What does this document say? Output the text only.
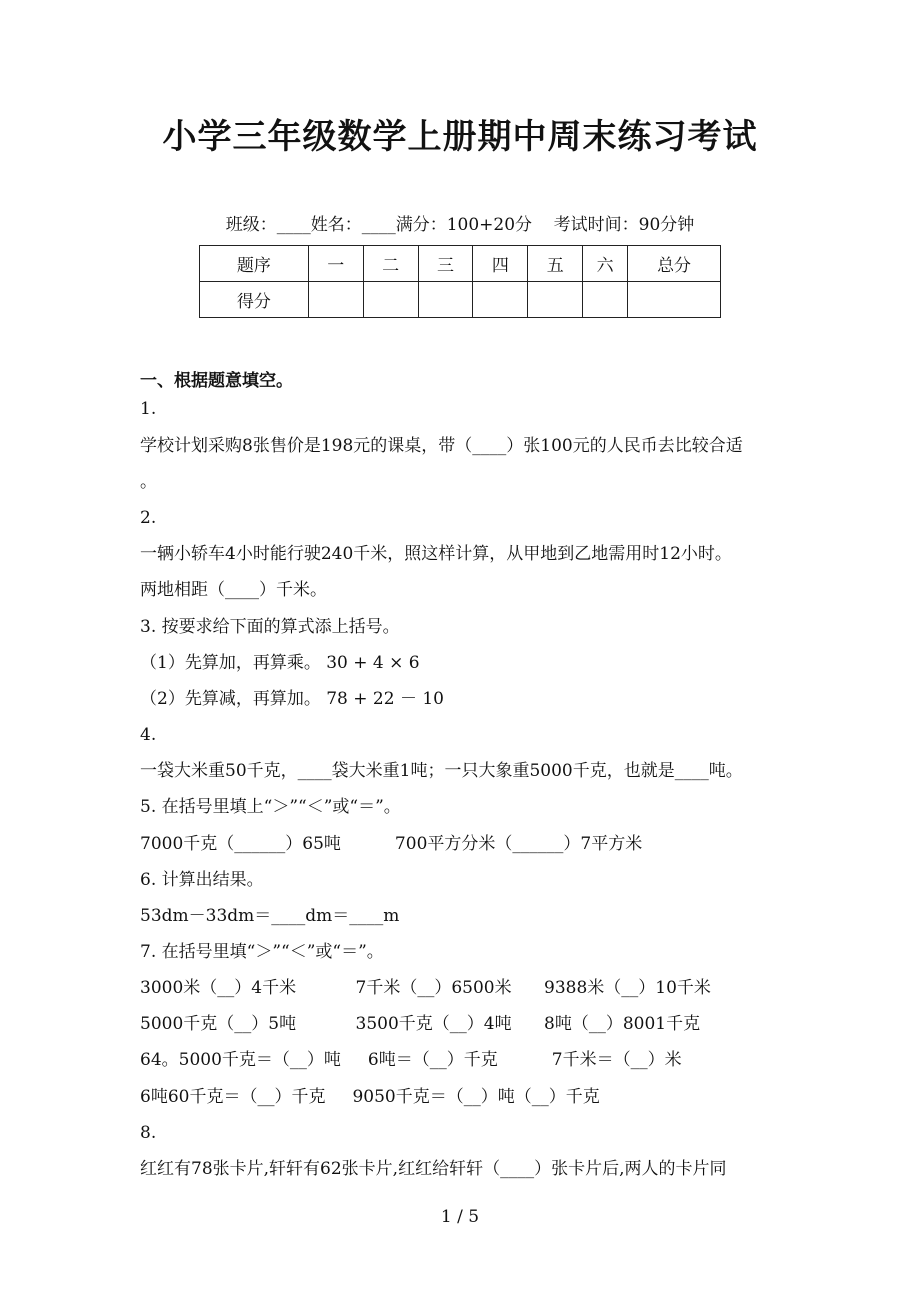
小学三年级数学上册期中周末练习考试
班级：____姓名：____满分：100+20分    考试时间：90分钟
题序	一	二	三	四	五	六	总分
得分							
一、根据题意填空。
1.
学校计划采购8张售价是198元的课桌，带（____）张100元的人民币去比较合适
。
2.
一辆小轿车4小时能行驶240千米，照这样计算，从甲地到乙地需用时12小时。
两地相距（____）千米。
3. 按要求给下面的算式添上括号。
（1）先算加，再算乘。 30 + 4 × 6
（2）先算减，再算加。 78 + 22 － 10
4.
一袋大米重50千克，____袋大米重1吨；一只大象重5000千克，也就是____吨。
5. 在括号里填上“＞”“＜”或“＝”。
7000千克（______）65吨          700平方分米（______）7平方米
6. 计算出结果。
53dm－33dm＝____dm＝____m
7. 在括号里填“＞”“＜”或“＝”。
3000米（__）4千米           7千米（__）6500米      9388米（__）10千米
5000千克（__）5吨           3500千克（__）4吨      8吨（__）8001千克
64。5000千克＝（__）吨     6吨＝（__）千克          7千米＝（__）米
6吨60千克＝（__）千克     9050千克＝（__）吨（__）千克
8.
红红有78张卡片,轩轩有62张卡片,红红给轩轩（____）张卡片后,两人的卡片同
1 / 5
